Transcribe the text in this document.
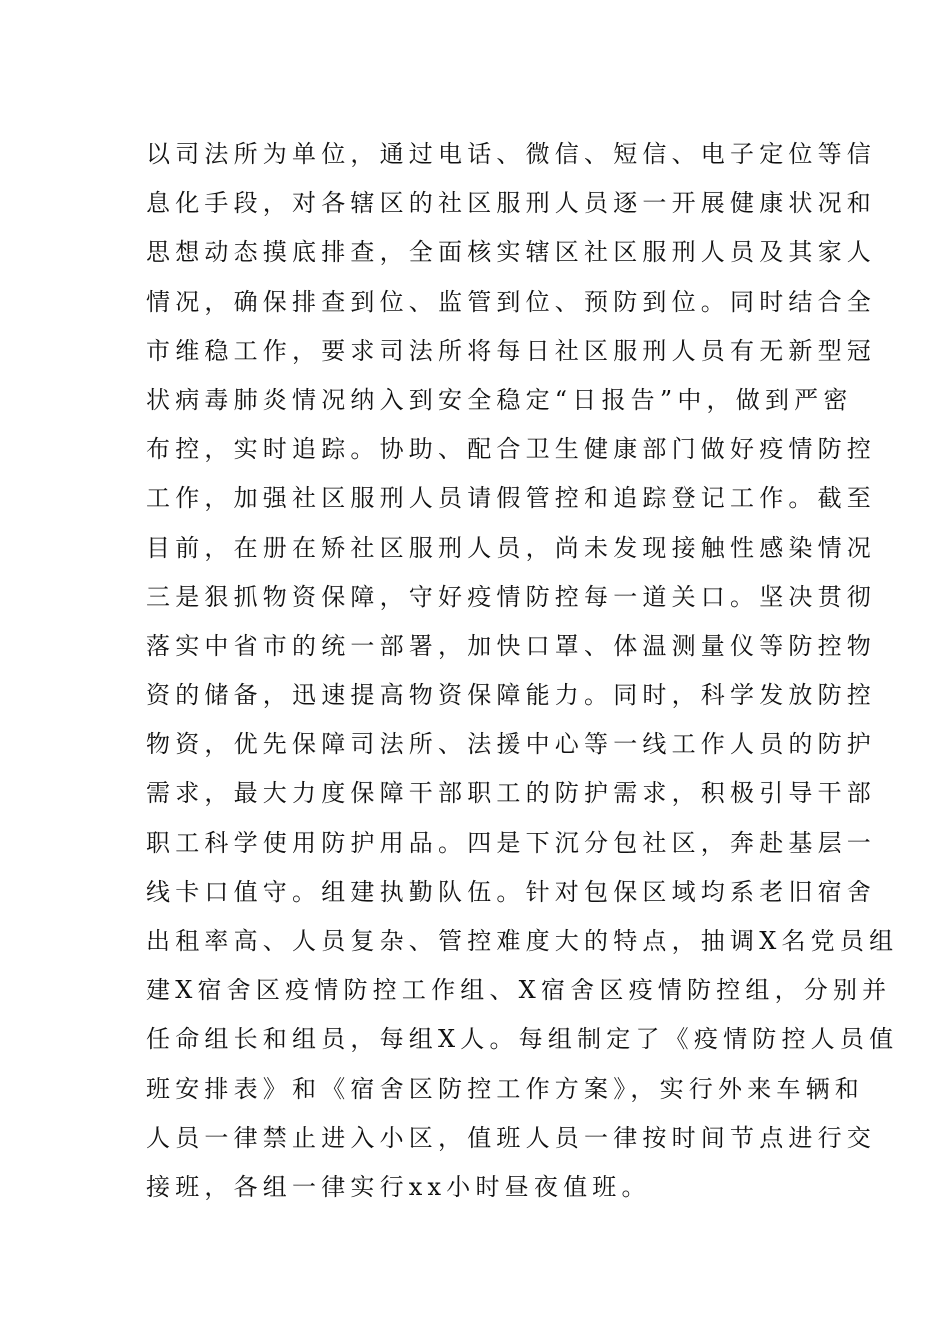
以司法所为单位，通过电话、微信、短信、电子定位等信
息化手段，对各辖区的社区服刑人员逐一开展健康状况和
思想动态摸底排查，全面核实辖区社区服刑人员及其家人
情况，确保排查到位、监管到位、预防到位。同时结合全
市维稳工作，要求司法所将每日社区服刑人员有无新型冠
状病毒肺炎情况纳入到安全稳定“日报告”中，做到严密
布控，实时追踪。协助、配合卫生健康部门做好疫情防控
工作，加强社区服刑人员请假管控和追踪登记工作。截至
目前，在册在矫社区服刑人员，尚未发现接触性感染情况
三是狠抓物资保障，守好疫情防控每一道关口。坚决贯彻
落实中省市的统一部署，加快口罩、体温测量仪等防控物
资的储备，迅速提高物资保障能力。同时，科学发放防控
物资，优先保障司法所、法援中心等一线工作人员的防护
需求，最大力度保障干部职工的防护需求，积极引导干部
职工科学使用防护用品。四是下沉分包社区，奔赴基层一
线卡口值守。组建执勤队伍。针对包保区域均系老旧宿舍
出租率高、人员复杂、管控难度大的特点，抽调X名党员组
建X宿舍区疫情防控工作组、X宿舍区疫情防控组，分别并
任命组长和组员，每组X人。每组制定了《疫情防控人员值
班安排表》和《宿舍区防控工作方案》，实行外来车辆和
人员一律禁止进入小区，值班人员一律按时间节点进行交
接班，各组一律实行xx小时昼夜值班。
